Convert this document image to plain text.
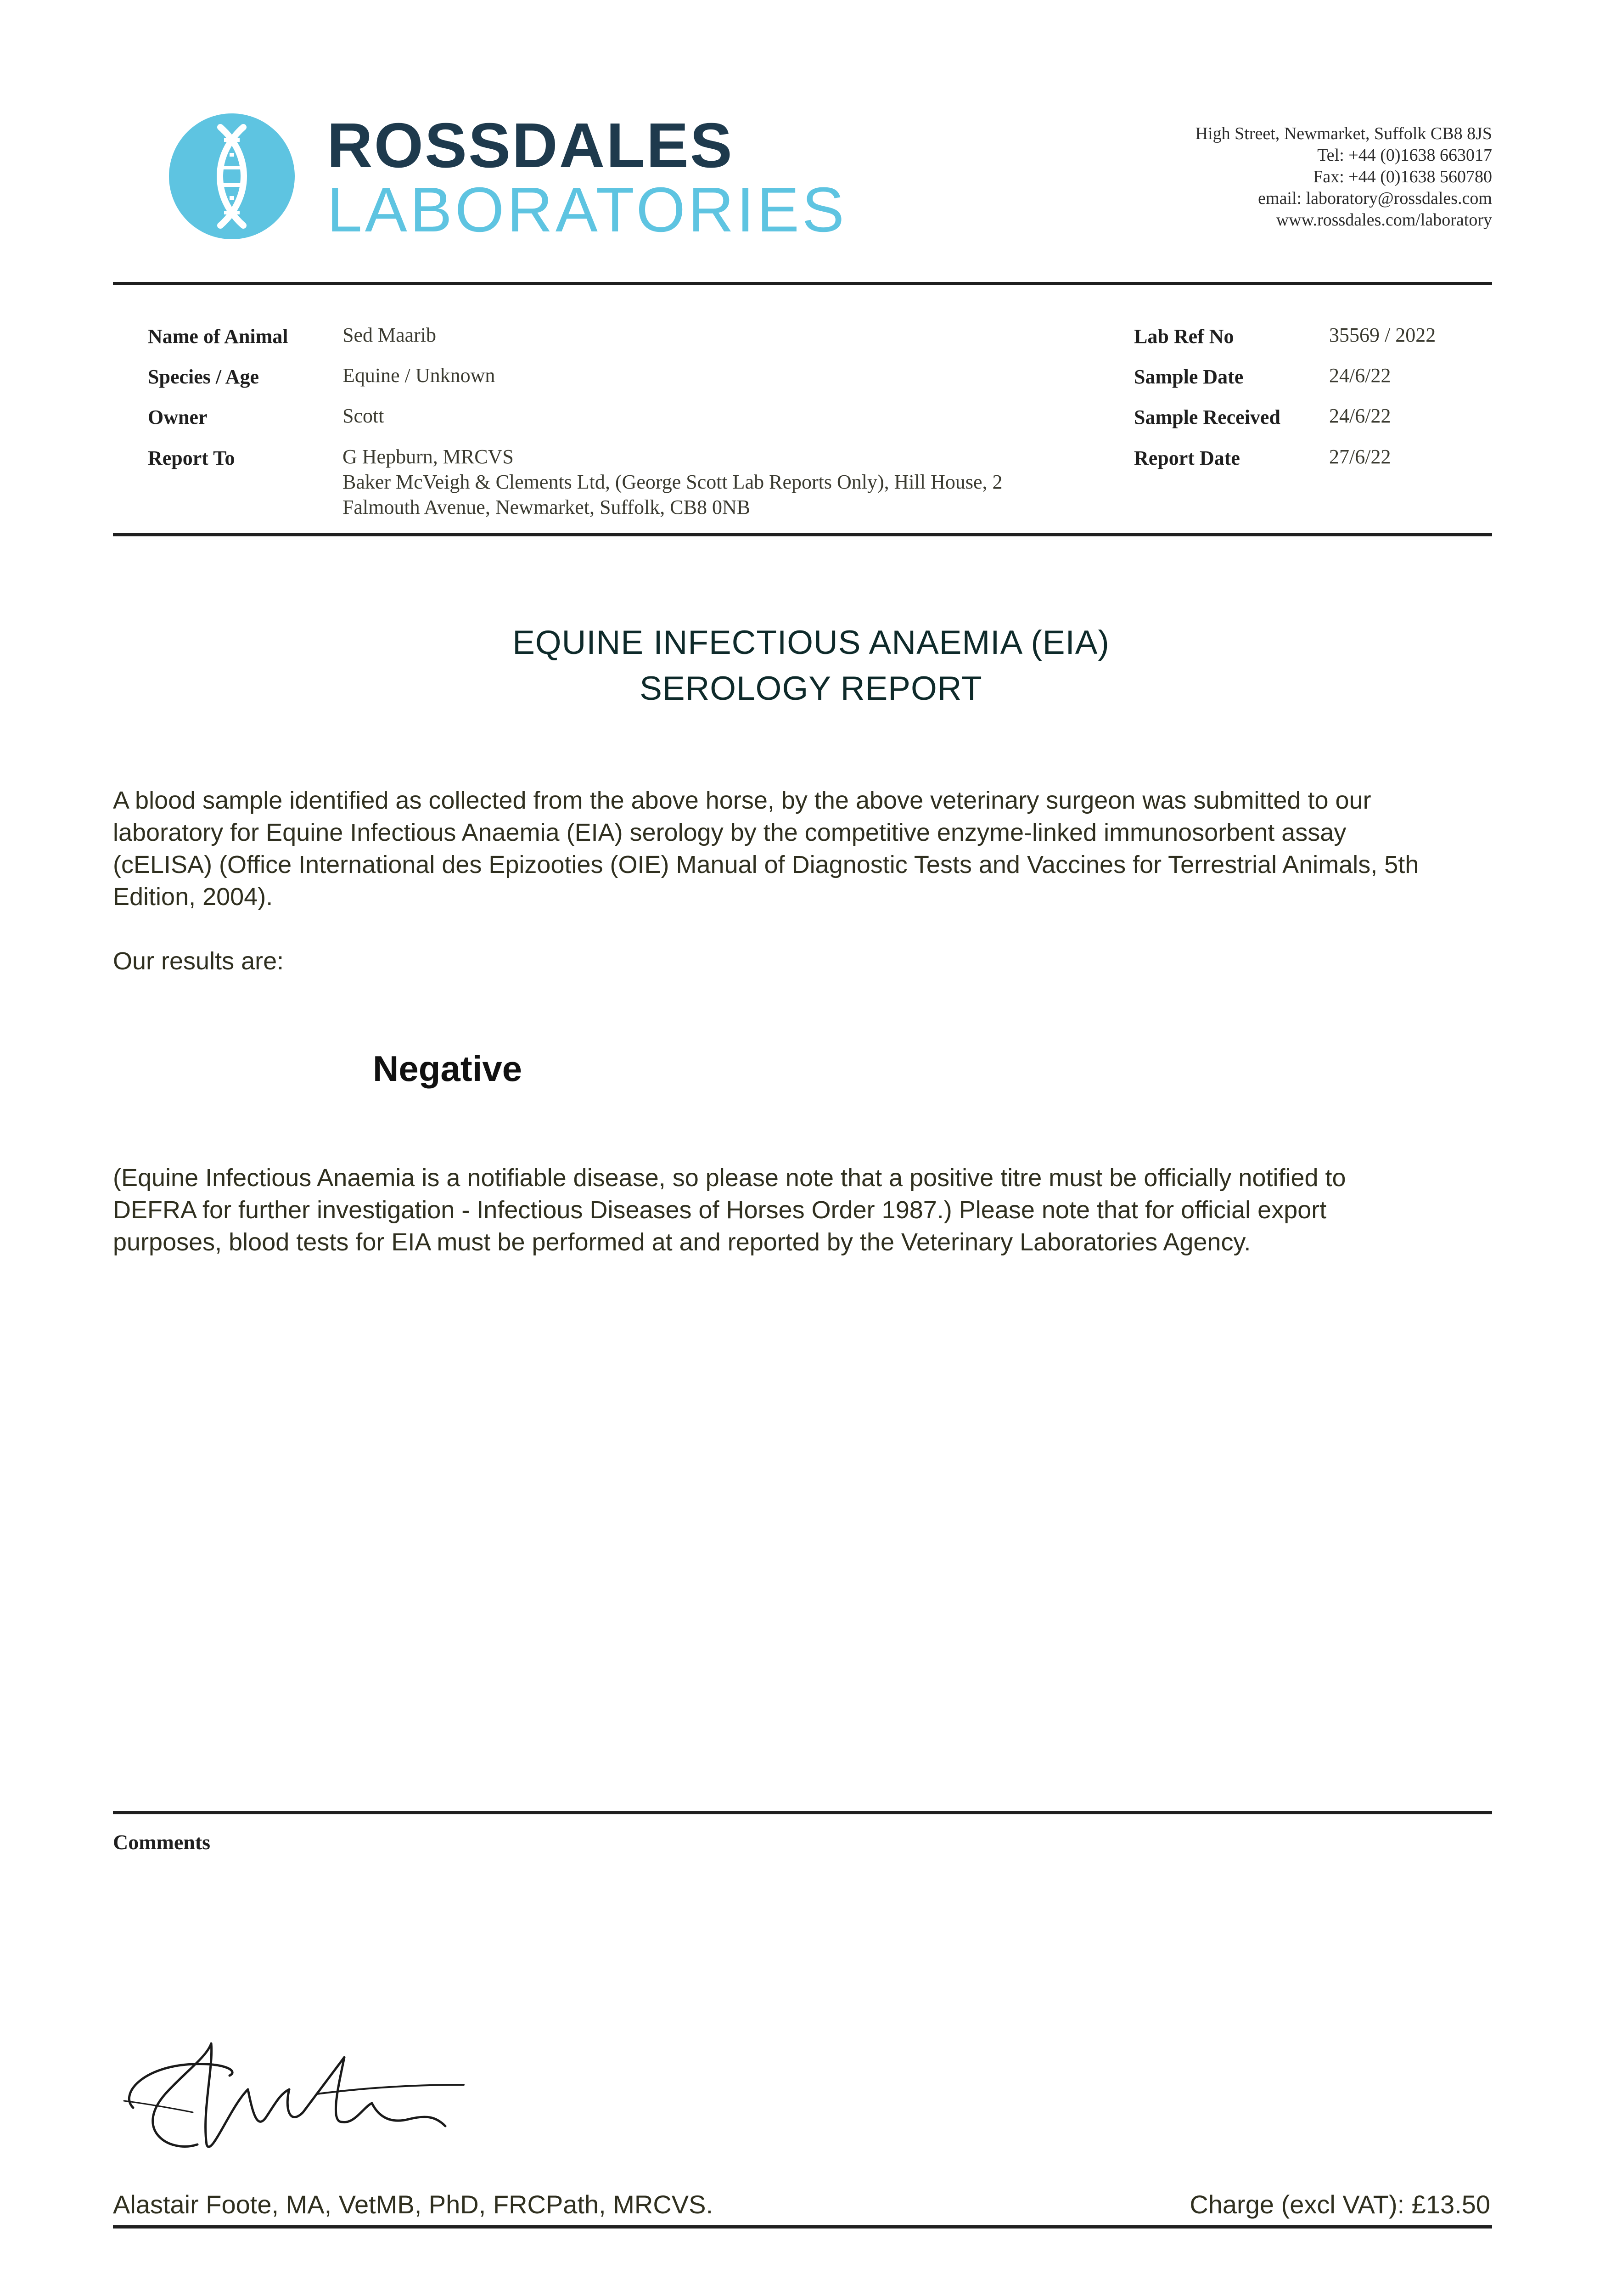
ROSSDALES
LABORATORIES
High Street, Newmarket, Suffolk CB8 8JS
Tel: +44 (0)1638 663017
Fax: +44 (0)1638 560780
email: laboratory@rossdales.com
www.rossdales.com/laboratory
Name of Animal	Sed Maarib
Species / Age	Equine / Unknown
Owner	Scott
Report To	G Hepburn, MRCVS
Baker McVeigh & Clements Ltd, (George Scott Lab Reports Only), Hill House, 2
Falmouth Avenue, Newmarket, Suffolk, CB8 0NB
Lab Ref No	35569 / 2022
Sample Date	24/6/22
Sample Received 24/6/22
Report Date	27/6/22
EQUINE INFECTIOUS ANAEMIA (EIA)
SEROLOGY REPORT
A blood sample identified as collected from the above horse, by the above veterinary surgeon was submitted to our
laboratory for Equine Infectious Anaemia (EIA) serology by the competitive enzyme-linked immunosorbent assay
(cELISA) (Office International des Epizooties (OIE) Manual of Diagnostic Tests and Vaccines for Terrestrial Animals, 5th
Edition, 2004).
Our results are:
Negative
(Equine Infectious Anaemia is a notifiable disease, so please note that a positive titre must be officially notified to
DEFRA for further investigation - Infectious Diseases of Horses Order 1987.) Please note that for official export
purposes, blood tests for EIA must be performed at and reported by the Veterinary Laboratories Agency.
Comments
Alastair Foote, MA, VetMB, PhD, FRCPath, MRCVS.	Charge (excl VAT): £13.50
